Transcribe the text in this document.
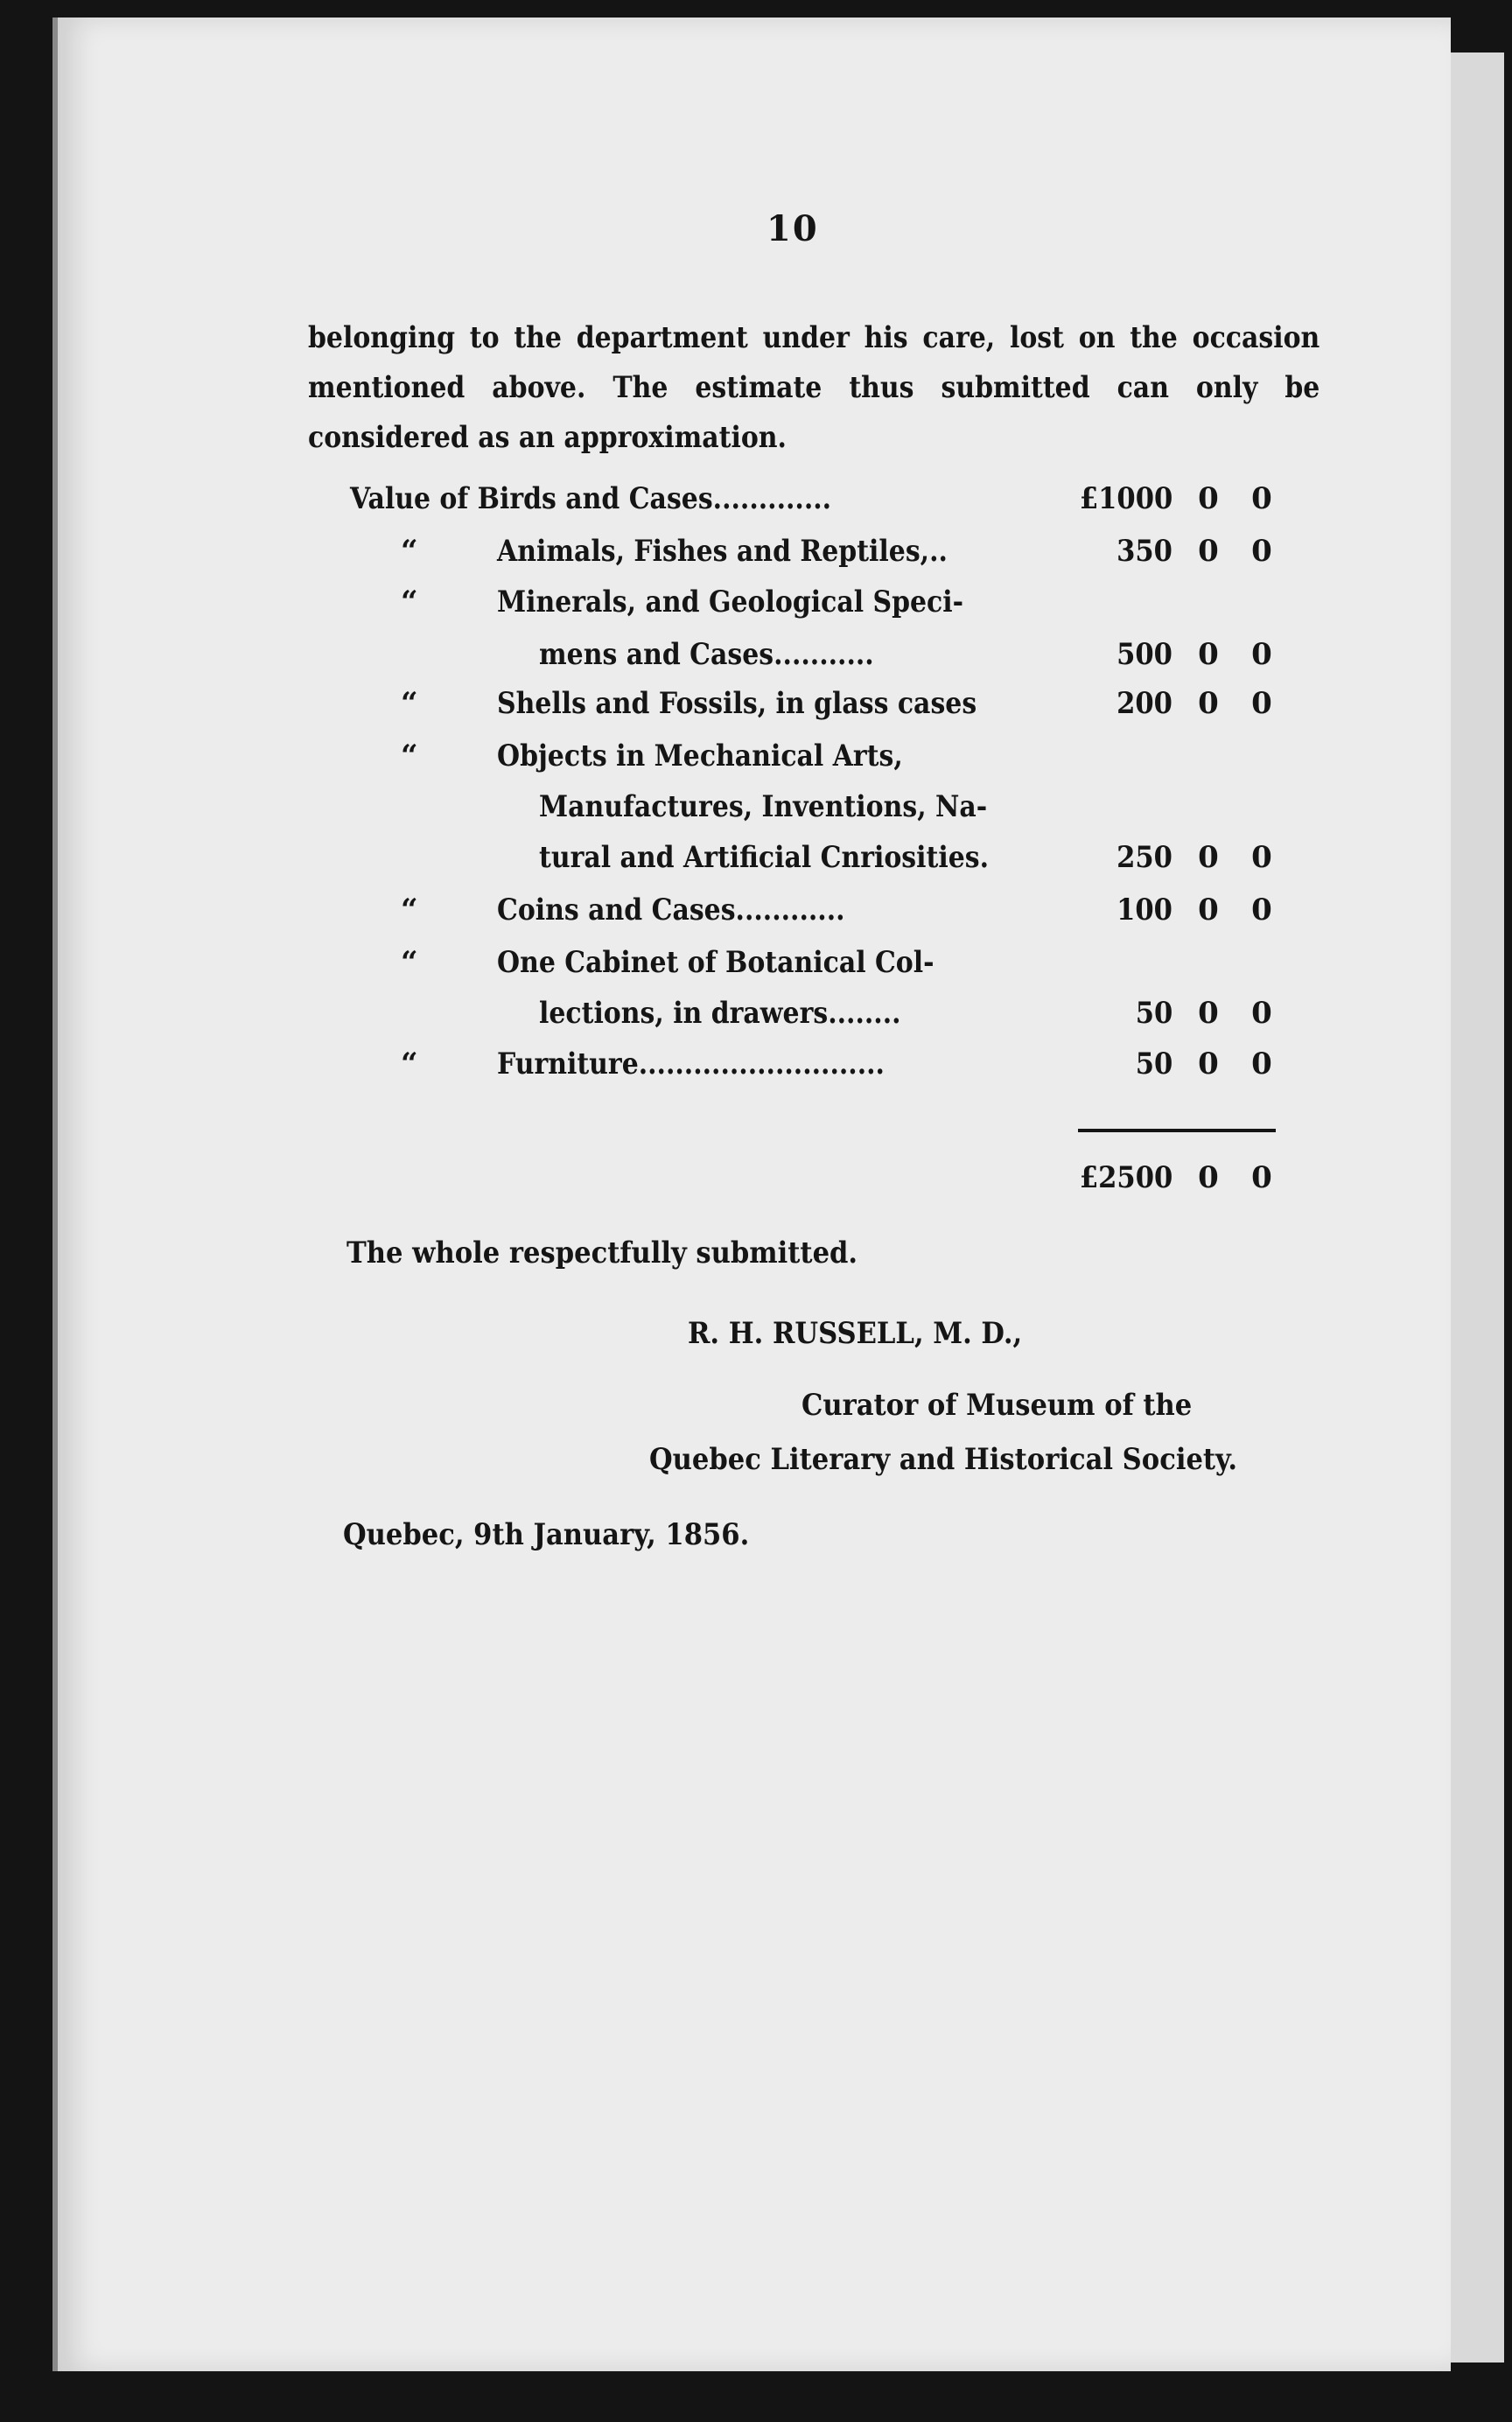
10
belonging to the department under his care, lost on the occasion mentioned above. The estimate thus submitted can only be considered as an approximation.
Value of Birds and Cases.............	£1000 0 0
“	Animals, Fishes and Reptiles,..	350 0 0
“	Minerals, and Geological Speci-
mens and Cases...........	500 0 0
“	Shells and Fossils, in glass cases	200 0 0
“	Objects in Mechanical Arts,
Manufactures, Inventions, Na-
tural and Artificial Cnriosities.	250 0 0
“	Coins and Cases............	100 0 0
“	One Cabinet of Botanical Col-
lections, in drawers........	50 0 0
“	Furniture...........................	50 0 0
£2500 0 0
The whole respectfully submitted.
R. H. RUSSELL, M. D.,
Curator of Museum of the
Quebec Literary and Historical Society.
Quebec, 9th January, 1856.
